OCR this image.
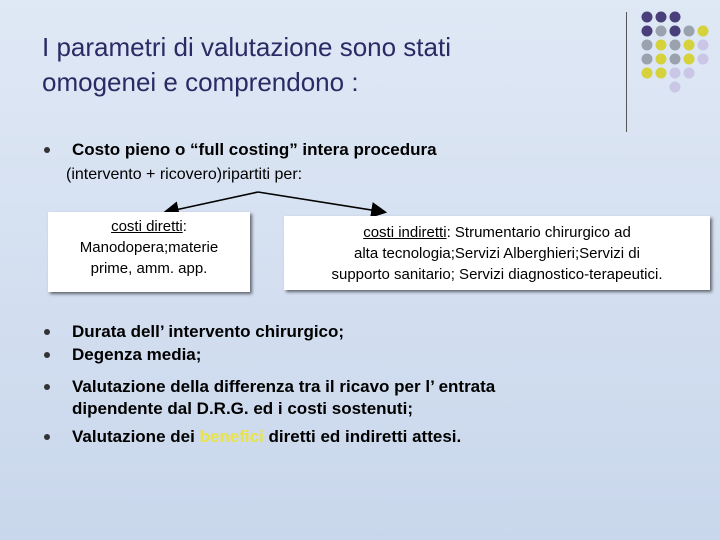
I parametri di valutazione sono stati
omogenei e comprendono :
Costo pieno o “full costing” intera procedura
(intervento + ricovero)ripartiti per:
costi diretti:
Manodopera;materie
prime, amm. app.
costi indiretti: Strumentario chirurgico ad
alta tecnologia;Servizi Alberghieri;Servizi di
supporto sanitario; Servizi diagnostico-terapeutici.
Durata dell’ intervento chirurgico;
Degenza media;
Valutazione della differenza tra il ricavo per l’ entrata
dipendente dal D.R.G. ed i costi sostenuti;
Valutazione dei benefici diretti ed indiretti attesi.
